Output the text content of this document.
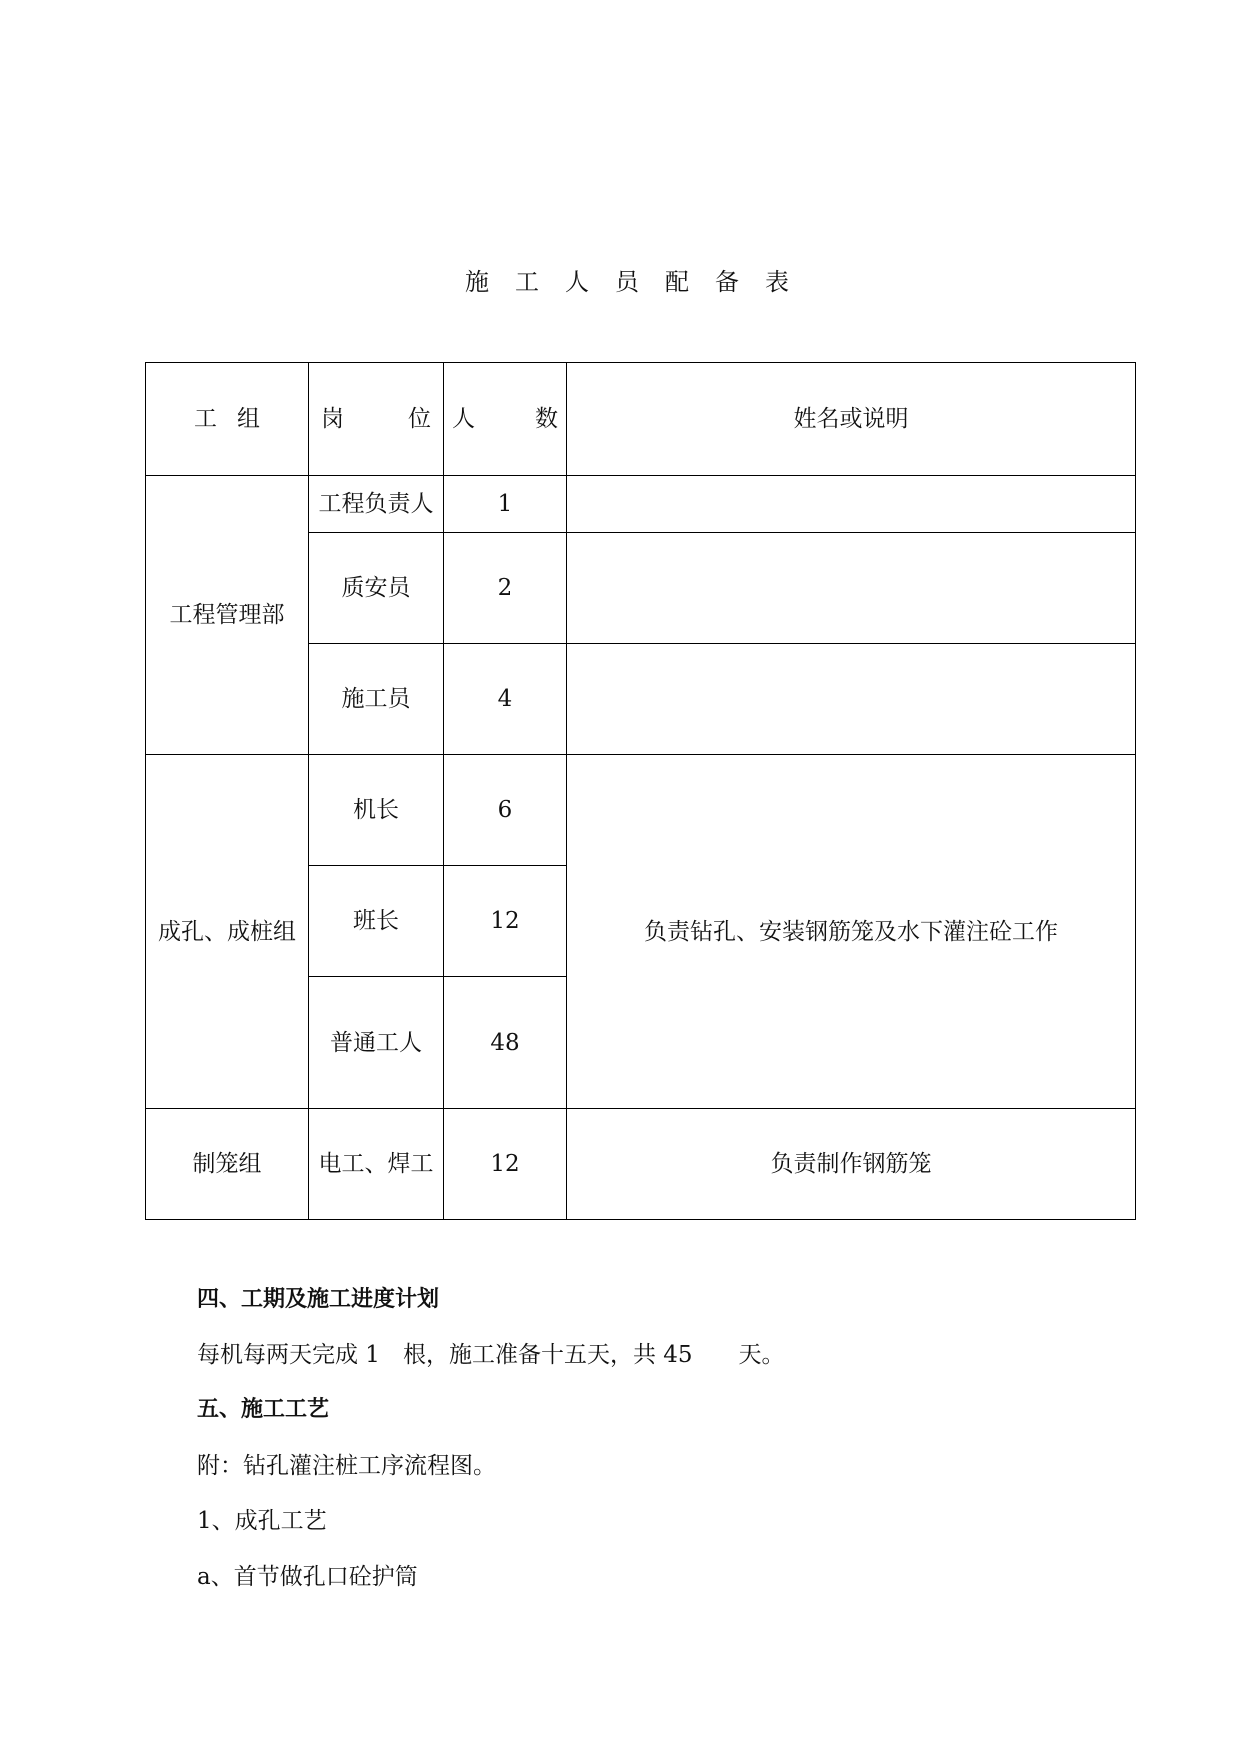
施工人员配备表
工组	岗 位	人 数	姓名或说明
工程管理部	工程负责人	1	
	质安员	2	
	施工员	4	
成孔、成桩组	机长	6	负责钻孔、安装钢筋笼及水下灌注砼工作
	班长	12	
	普通工人	48	
制笼组	电工、焊工	12	负责制作钢筋笼
四、工期及施工进度计划
每机每两天完成 1　根，施工准备十五天，共 45　　天。
五、施工工艺
附：钻孔灌注桩工序流程图。
1、成孔工艺
a、首节做孔口砼护筒
